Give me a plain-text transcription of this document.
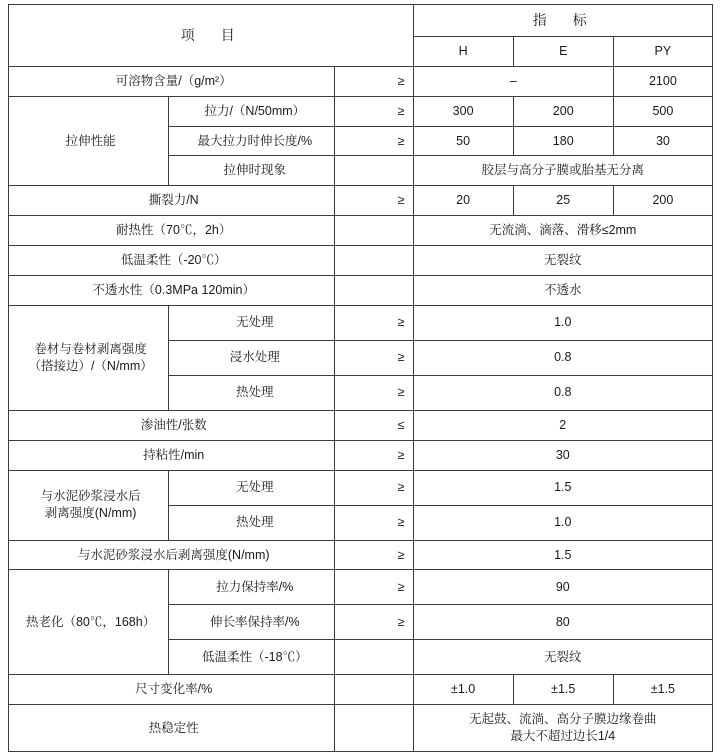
项　目			指　标		

			H	E	PY

可溶物含量/（g/m²）		≥	–		2100

拉伸性能	拉力/（N/50mm）	≥	300	200	500

	最大拉力时伸长度/%	≥	50	180	30

	拉伸时现象		胶层与高分子膜或胎基无分离		

撕裂力/N		≥	20	25	200

耐热性（70℃，2h）			无流淌、滴落、滑移≤2mm		

低温柔性（-20℃）			无裂纹		

不透水性（0.3MPa 120min）			不透水		

卷材与卷材剥离强度
（搭接边）/（N/mm）	无处理	≥	1.0		

	浸水处理	≥	0.8		

	热处理	≥	0.8		

渗油性/张数		≤	2		

持粘性/min		≥	30		

与水泥砂浆浸水后
剥离强度(N/mm)	无处理	≥	1.5		

	热处理	≥	1.0		

与水泥砂浆浸水后剥离强度(N/mm)		≥	1.5		

热老化（80℃，168h）	拉力保持率/%	≥	90		

	伸长率保持率/%	≥	80		

	低温柔性（-18℃）		无裂纹		

尺寸变化率/%			±1.0	±1.5	±1.5

热稳定性			无起鼓、流淌、高分子膜边缘卷曲
最大不超过边长1/4		
